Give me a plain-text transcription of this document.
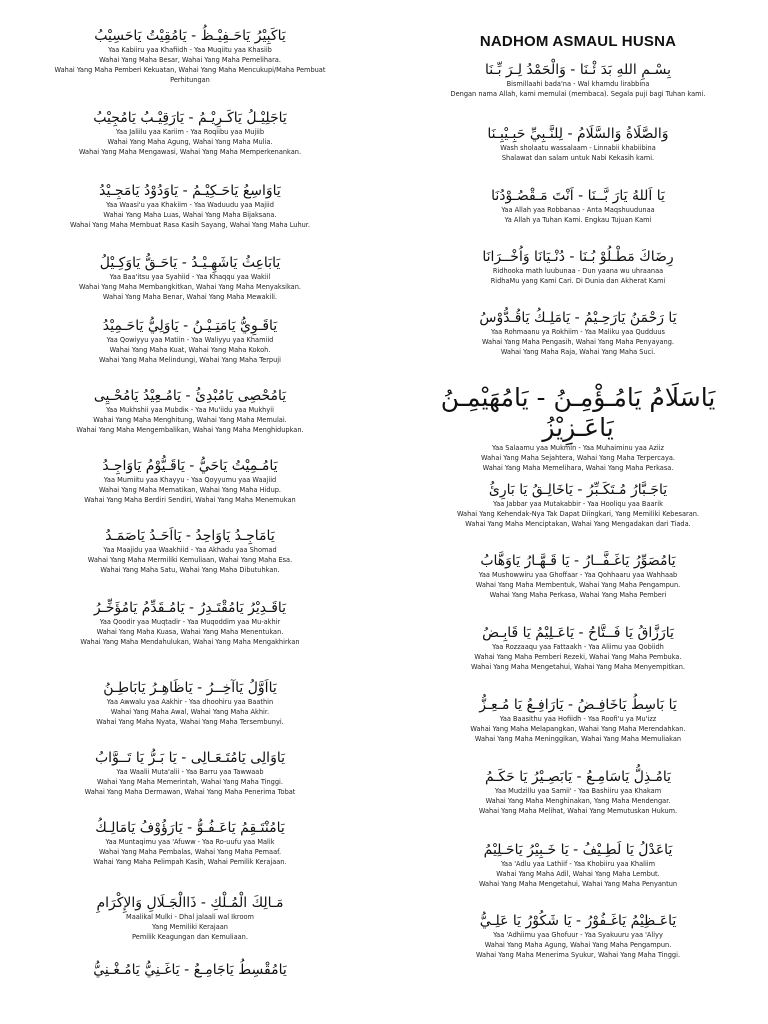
يَاكَبِيْرُ يَاحَـفِيْـظُ - يَامُقِيْتُ يَاحَسِيْبُ
Yaa Kabiiru yaa Khafiidh - Yaa Muqiitu yaa Khasiib
Wahai Yang Maha Besar, Wahai Yang Maha Pemelihara.
Wahai Yang Maha Pemberi Kekuatan, Wahai Yang Maha Mencukupi/Maha Pembuat
Perhitungan
يَاجَلِيْـلُ يَاكَـرِيْـمُ - يَارَقِيْـبُ يَامُجِيْبُ
Yaa Jaliilu yaa Kariim - Yaa Roqiibu yaa Mujiib
Wahai Yang Maha Agung, Wahai Yang Maha Mulia.
Wahai Yang Maha Mengawasi, Wahai Yang Maha Memperkenankan.
يَاوَاسِعُ يَاحَـكِيْـمُ - يَاوَدُوْدُ يَامَجِـيْدُ
Yaa Waasi'u yaa Khakiim - Yaa Waduudu yaa Majiid
Wahai Yang Maha Luas, Wahai Yang Maha Bijaksana.
Wahai Yang Maha Membuat Rasa Kasih Sayang, Wahai Yang Maha Luhur.
يَابَاعِثُ يَاشَهِـيْـدُ - يَاحَـقُّ يَاوَكِـيْلُ
Yaa Baa'itsu yaa Syahiid - Yaa Khaqqu yaa Wakiil
Wahai Yang Maha Membangkitkan, Wahai Yang Maha Menyaksikan.
Wahai Yang Maha Benar, Wahai Yang Maha Mewakili.
يَاقَـوِيُّ يَامَتِـيْـنُ - يَاوَلِيُّ يَاحَـمِيْدُ
Yaa Qowiyyu yaa Matiin - Yaa Waliyyu yaa Khamiid
Wahai Yang Maha Kuat, Wahai Yang Maha Kokoh.
Wahai Yang Maha Melindungi, Wahai Yang Maha Terpuji
يَامُحْصِى يَامُبْدِئُ - يَامُـعِيْدُ يَامُحْـيِى
Yaa Mukhshii yaa Mubdiк - Yaa Mu'iidu yaa Mukhyii
Wahai Yang Maha Menghitung, Wahai Yang Maha Memulai.
Wahai Yang Maha Mengembalikan, Wahai Yang Maha Menghidupkan.
يَامُـمِيْتُ يَاحَيُّ - يَاقَـيُّوْمُ يَاوَاجِـدُ
Yaa Mumiitu yaa Khayyu - Yaa Qoyyumu yaa Waajiid
Wahai Yang Maha Mematikan, Wahai Yang Maha Hidup.
Wahai Yang Maha Berdiri Sendiri, Wahai Yang Maha Menemukan
يَامَاجِـدُ يَاوَاحِدُ - يَااَحَـدُ يَاصَمَـدُ
Yaa Maajidu yaa Waakhiid - Yaa Akhadu yaa Shomad
Wahai Yang Maha Mermiliki Kemuliaan, Wahai Yang Maha Esa.
Wahai Yang Maha Satu, Wahai Yang Maha Dibutuhkan.
يَاقَـدِيْرُ يَامُقْتَـدِرُ - يَامُـقَدِّمُ يَامُؤَخِّـرُ
Yaa Qoodir yaa Muqtadir - Yaa Muqoddim yaa Mu-akhir
Wahai Yang Maha Kuasa, Wahai Yang Maha Menentukan.
Wahai Yang Maha Mendahulukan, Wahai Yang Maha Mengakhirkan
يَااَوَّلُ يَاآخِــرُ - يَاظَاهِـرُ يَابَاطِـنُ
Yaa Awwalu yaa Aakhir - Yaa dhoohiru yaa Baathin
Wahai Yang Maha Awal, Wahai Yang Maha Akhir.
Wahai Yang Maha Nyata, Wahai Yang Maha Tersembunyi.
يَاوَالِى يَامُتَـعَـالِى - يَا بَـرُّ يَا تَــوَّابُ
Yaa Waalii Muta'alii - Yaa Barru yaa Tawwaab
Wahai Yang Maha Memerintah, Wahai Yang Maha Tinggi.
Wahai Yang Maha Dermawan, Wahai Yang Maha Penerima Tobat
يَامُنْتَـقِمُ يَاعَـفُـوُّ - يَارَؤُوْفُ يَامَالِـكُ
Yaa Muntaqimu yaa 'Afuww - Yaa Ro-uufu yaa Malik
Wahai Yang Maha Pembalas, Wahai Yang Maha Pemaaf.
Wahai Yang Maha Pelimpah Kasih, Wahai Pemilik Kerajaan.
مَـالِكَ الْمُـلْكِ - ذَاالْجَـلَالِ وَالإِكْرَامِ
Maalikal Mulki - Dhal jalaali wal Ikroom
Yang Memiliki Kerajaan
Pemilik Keagungan dan Kemuliaan.
يَامُقْسِطُ يَاجَامِـعُ - يَاغَـنِيُّ يَامُـغْـنِيُّ
NADHOM ASMAUL HUSNA
بِسْـمِ اللهِ بَدَ ئْـنَا - وَالْحَمْدُ لِـرَ بِّـنَا
Bismillaahi bada'na - Wal khamdu lirabbina
Dengan nama Allah, kami memulai (membaca). Segala puji bagi Tuhan kami.
وَالصَّلَاةُ وَالسَّلَامُ - لِلنَّـبِيِّ حَبِـيْبِـنَا
Wash sholaatu wassalaam - Linnabii khabiibina
Shalawat dan salam untuk Nabi Kekasih kami.
يَا اَللهُ يَارَ بَّــنَا - اَنْتَ مَـقْصُـوْدُنَا
Yaa Allah yaa Robbanaa - Anta Maqshuudunaa
Ya Allah ya Tuhan Kami. Engkau Tujuan Kami
رِضَاكَ مَطْـلُوْ بُـنَا - دُنْـيَانَا وَاُخْــرَانَا
Ridhooka math luubunaa - Dun yaana wu uhraanaa
RidhaMu yang Kami Cari. Di Dunia dan Akherat Kami
يَا رَحْمَنُ يَارَحِـيْمُ - يَامَلِـكُ يَاقُـدُّوْسُ
Yaa Rohmaanu ya Rokhiim - Yaa Maliku yaa Qudduus
Wahai Yang Maha Pengasih, Wahai Yang Maha Penyayang.
Wahai Yang Maha Raja, Wahai Yang Maha Suci.
يَاسَلَامُ يَامُـؤْمِـنُ - يَامُهَيْمِـنُ يَاعَـزِيْزُ
Yaa Salaamu yaa Mukmin - Yaa Muhaiminu yaa Aziiz
Wahai Yang Maha Sejahtera, Wahai Yang Maha Terpercaya.
Wahai Yang Maha Memelihara, Wahai Yang Maha Perkasa.
يَاجَـبَّارُ مُـتَكَـبِّرُ - يَاخَالِـقُ يَا بَارِئُ
Yaa Jabbar yaa Mutakabbir - Yaa Hooliqu yaa Baarik
Wahai Yang Kehendak-Nya Tak Dapat Diingkari, Yang Memiliki Kebesaran.
Wahai Yang Maha Menciptakan, Wahai Yang Mengadakan dari Tiada.
يَامُصَوِّرُ يَاغَـفَّــارُ - يَا قَـهَّـارُ يَاوَهَّابُ
Yaa Mushowwiru yaa Ghoffaar - Yaa Qohhaaru yaa Wahhaab
Wahai Yang Maha Membentuk, Wahai Yang Maha Pengampun.
Wahai Yang Maha Perkasa, Wahai Yang Maha Pemberi
يَارَزَّاقُ يَا فَــتَّاحُ - يَاعَـلِيْمُ يَا قَابِـضُ
Yaa Rozzaaqu yaa Fattaakh - Yaa Aliimu yaa Qobiidh
Wahai Yang Maha Pemberi Rezeki, Wahai Yang Maha Pembuka.
Wahai Yang Maha Mengetahui, Wahai Yang Maha Menyempitkan.
يَا بَاسِطُ يَاخَافِـضُ - يَارَافِـعُ يَا مُـعِـزُّ
Yaa Baasithu yaa Hofiidh - Yaa Roofi'u ya Mu'izz
Wahai Yang Maha Melapangkan, Wahai Yang Maha Merendahkan.
Wahai Yang Maha Meninggikan, Wahai Yang Maha Memuliakan
يَامُـذِلُّ يَاسَامِـعُ - يَابَصِـيْرُ يَا حَكَـمُ
Yaa Mudzillu yaa Samii' - Yaa Bashiiru yaa Khakam
Wahai Yang Maha Menghinakan, Yang Maha Mendengar.
Wahai Yang Maha Melihat, Wahai Yang Memutuskan Hukum.
يَاعَدْلُ يَا لَطِـيْفُ - يَا خَـبِيْرُ يَاحَـلِيْمُ
Yaa 'Adlu yaa Lathiif - Yaa Khobiiru yaa Khaliim
Wahai Yang Maha Adil, Wahai Yang Maha Lembut.
Wahai Yang Maha Mengetahui, Wahai Yang Maha Penyantun
يَاعَـظِيْمُ يَاغَـفُوْرُ - يَا شَكُوْرُ يَا عَلِـيُّ
Yaa 'Adhiimu yaa Ghofuur - Yaa Syakuuru yaa 'Aliyy
Wahai Yang Maha Agung, Wahai Yang Maha Pengampun.
Wahai Yang Maha Menerima Syukur, Wahai Yang Maha Tinggi.
